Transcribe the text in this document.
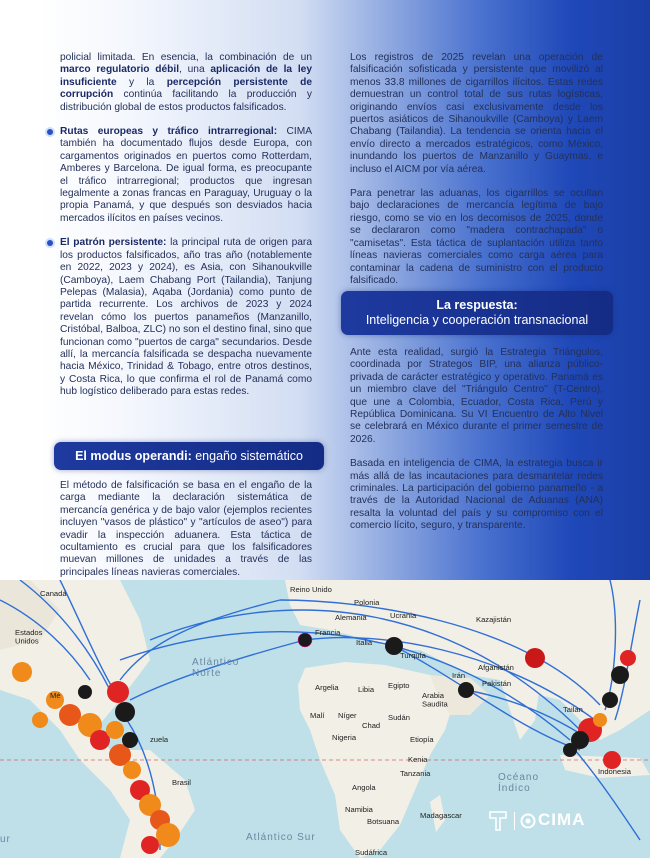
policial limitada. En esencia, la combinación de un marco regulatorio débil, una aplicación de la ley insuficiente y la percepción persistente de corrupción continúa facilitando la producción y distribución global de estos productos falsificados.

Rutas europeas y tráfico intrarregional: CIMA también ha documentado flujos desde Europa, con cargamentos originados en puertos como Rotterdam, Amberes y Barcelona. De igual forma, es preocupante el tráfico intrarregional; productos que ingresan legalmente a zonas francas en Paraguay, Uruguay o la propia Panamá, y que después son desviados hacia mercados ilícitos en países vecinos.
El patrón persistente: la principal ruta de origen para los productos falsificados, año tras año (notablemente en 2022, 2023 y 2024), es Asia, con Sihanoukville (Camboya), Laem Chabang Port (Tailandia), Tanjung Pelepas (Malasia), Aqaba (Jordania) como punto de partida recurrente. Los archivos de 2023 y 2024 revelan cómo los puertos panameños (Manzanillo, Cristóbal, Balboa, ZLC) no son el destino final, sino que funcionan como "puertos de carga" secundarios. Desde allí, la mercancía falsificada se despacha nuevamente hacia México, Trinidad & Tobago, entre otros destinos, y Costa Rica, lo que confirma el rol de Panamá como hub logístico deliberado para estas redes.
El modus operandi: engaño sistemático

El método de falsificación se basa en el engaño de la carga mediante la declaración sistemática de mercancía genérica y de bajo valor (ejemplos recientes incluyen "vasos de plástico" y "artículos de aseo") para evadir la inspección aduanera. Esta táctica de ocultamiento es crucial para que los falsificadores muevan millones de unidades a través de las principales líneas navieras comerciales.

Los registros de 2025 revelan una operación de falsificación sofisticada y persistente que movilizó al menos 33.8 millones de cigarrillos ilícitos. Estas redes demuestran un control total de sus rutas logísticas, originando envíos casi exclusivamente desde los puertos asiáticos de Sihanoukville (Camboya) y Laem Chabang (Tailandia). La tendencia se orienta hacia el envío directo a mercados estratégicos, como México, inundando los puertos de Manzanillo y Guaymas, e incluso el AICM por vía aérea.

Para penetrar las aduanas, los cigarrillos se ocultan bajo declaraciones de mercancía legítima de bajo riesgo, como se vio en los decomisos de 2025, donde se declararon como "madera contrachapada" o "camisetas". Esta táctica de suplantación utiliza tanto líneas navieras comerciales como carga aérea para contaminar la cadena de suministro con el producto falsificado.

La respuesta:
Inteligencia y cooperación transnacional

Ante esta realidad, surgió la Estrategia Triángulos, coordinada por Strategos BIP, una alianza público-privada de carácter estratégico y operativo. Panamá es un miembro clave del "Triángulo Centro" (T-Centro), que une a Colombia, Ecuador, Costa Rica, Perú y República Dominicana. Su VI Encuentro de Alto Nivel se celebrará en México durante el primer semestre de 2026.

Basada en inteligencia de CIMA, la estrategia busca ir más allá de las incautaciones para desmantelar redes criminales. La participación del gobierno panameño - a través de la Autoridad Nacional de Aduanas (ANA) resalta la voluntad del país y su compromiso con el comercio lícito, seguro, y transparente.

Canadá	Reino Unido
Polonia
Alemania	Ucrania	Kazajistán
Francia
Italia
Turquía
Estados Unidos
Atlántico Norte
Argelia	Libia Egipto
Irán
Afganistán
Pakistán
Arabia Saudita
Malí Níger
Chad
Sudán
Nigeria	Etiopía
Kenia
Tanzania
zuela
Brasil
Angola
Namibia
Botsuana
Madagascar
Sudáfrica
Océano Índico
Atlántico Sur
Indonesia
Tailan
Mé
ur
CIMA
